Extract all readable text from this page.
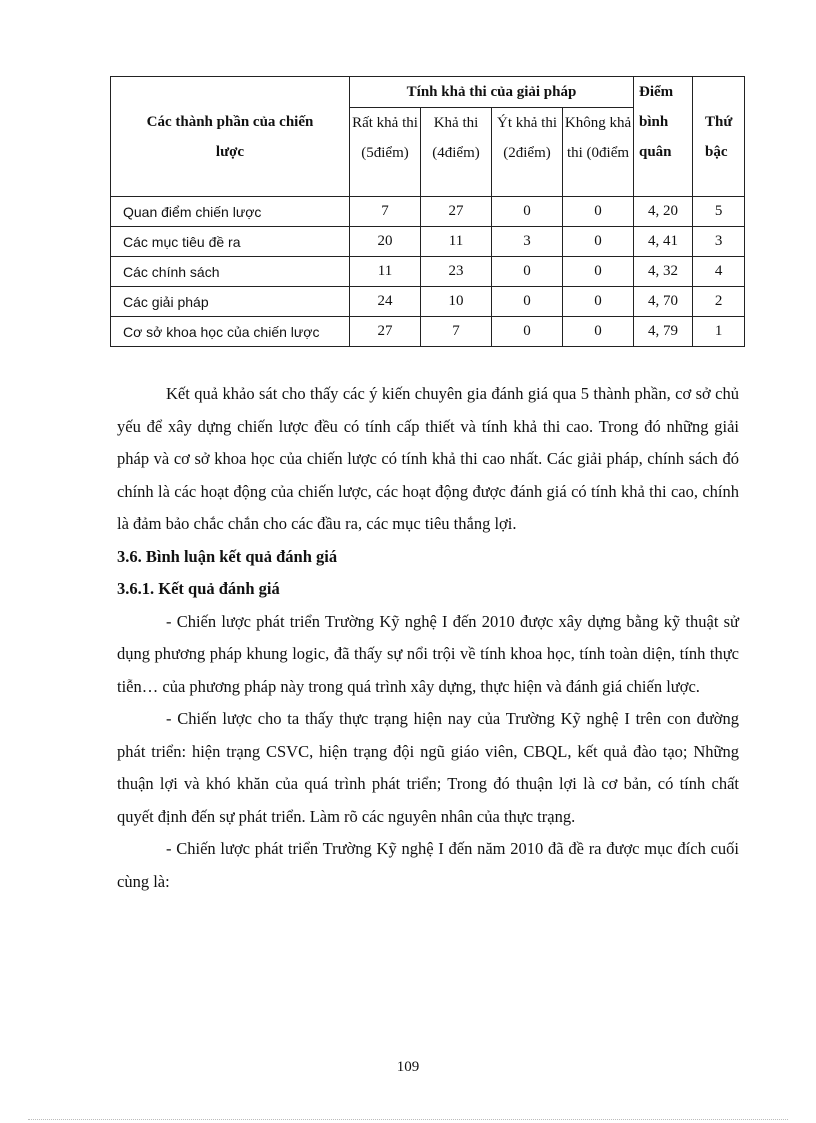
Các thành phần của chiến lược	Tính khả thi của giải pháp				Điểm bình quân	Thứ bậc

	Rất khả thi (5điểm)	Khả thi (4điểm)	Ýt khả thi (2điểm)	Không khả thi (0điểm		
Quan điểm chiến lược	7	27	0	0	4, 20	5
Các mục tiêu đề ra	20	11	3	0	4, 41	3
Các chính sách	11	23	0	0	4, 32	4
Các giải pháp	24	10	0	0	4, 70	2
Cơ sở khoa học của chiến lược	27	7	0	0	4, 79	1

Kết quả khảo sát cho thấy các ý kiến chuyên gia đánh giá qua 5 thành phần, cơ sở chủ yếu để xây dựng chiến lược đều có tính cấp thiết và tính khả thi cao. Trong đó những giải pháp và cơ sở khoa học của chiến lược có tính khả thi cao nhất. Các giải pháp, chính sách đó chính là các hoạt động của chiến lược, các hoạt động được đánh giá có tính khả thi cao, chính là đảm bảo chắc chắn cho các đầu ra, các mục tiêu thắng lợi.

3.6. Bình luận kết quả đánh giá

3.6.1. Kết quả đánh giá

- Chiến lược phát triển Trường Kỹ nghệ I đến 2010 được xây dựng bằng kỹ thuật sử dụng phương pháp khung logic, đã thấy sự nổi trội về tính khoa học, tính toàn diện, tính thực tiễn… của phương pháp này trong quá trình xây dựng, thực hiện và đánh giá chiến lược.

- Chiến lược cho ta thấy thực trạng hiện nay của Trường Kỹ nghệ I trên con đường phát triển: hiện trạng CSVC, hiện trạng đội ngũ giáo viên, CBQL, kết quả đào tạo; Những thuận lợi và khó khăn của quá trình phát triển; Trong đó thuận lợi là cơ bản, có tính chất quyết định đến sự phát triển. Làm rõ các nguyên nhân của thực trạng.

- Chiến lược phát triển Trường Kỹ nghệ I đến năm 2010 đã đề ra được mục đích cuối cùng là:

109
